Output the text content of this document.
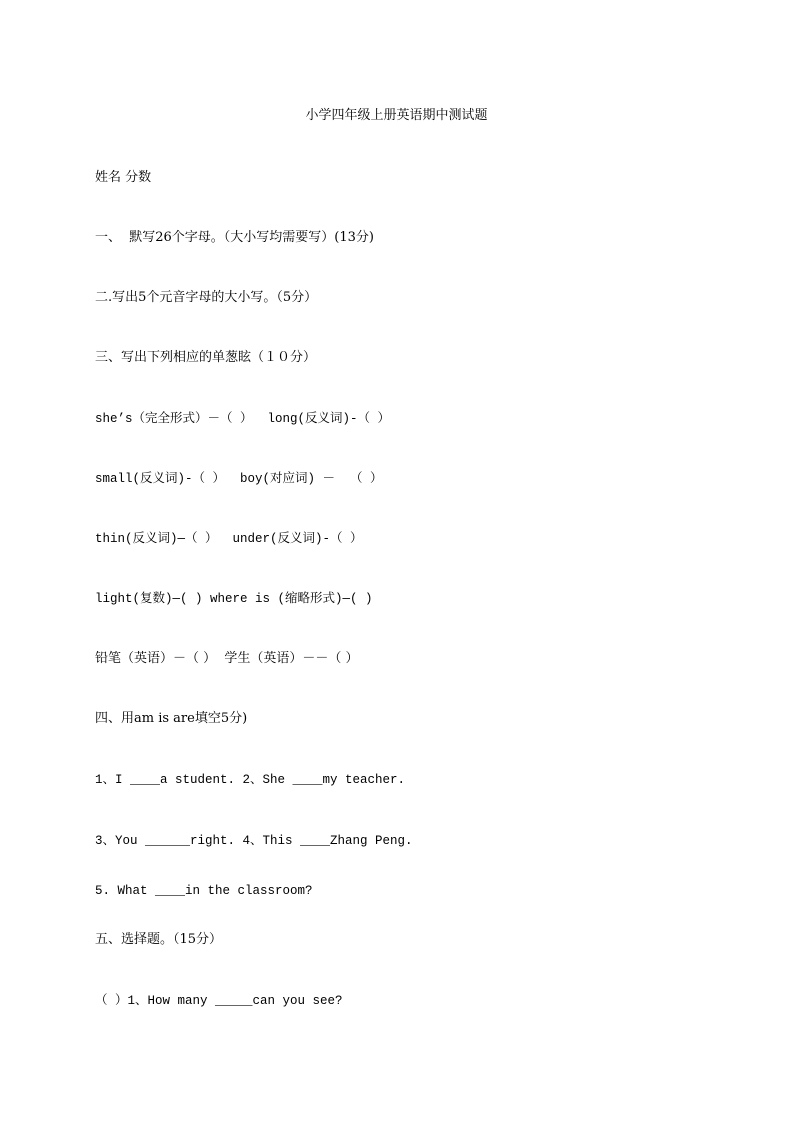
小学四年级上册英语期中测试题
姓名 分数
一、  默写26个字母。（大小写均需要写）(13分)
二.写出5个元音字母的大小写。（5分）
三、写出下列相应的单葱眩（１０分）
she’s（完全形式）－（ ）  long(反义词)-（ ）
small(反义词)-（ ）  boy(对应词) －  （ ）
thin(反义词)—（ ）  under(反义词)-（ ）
light(复数)—( ) where is (缩略形式)—( )
铅笔（英语）－（ ）  学生（英语）－－（ ）
四、用am is are填空5分)
1、I ____a student. 2、She ____my teacher.
3、You ______right. 4、This ____Zhang Peng.
5. What ____in the classroom?
五、选择题。（15分）
（ ）1、How many _____can you see?
